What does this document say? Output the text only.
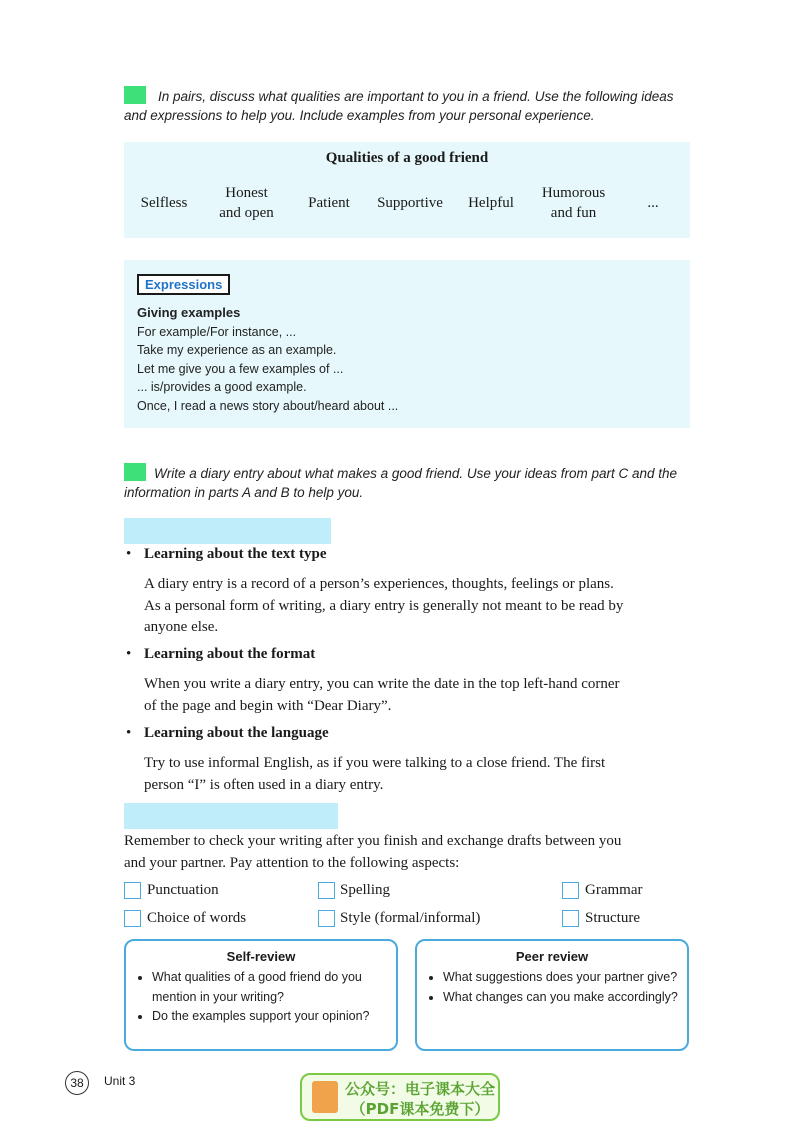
In pairs, discuss what qualities are important to you in a friend. Use the following ideas and expressions to help you. Include examples from your personal experience.
Qualities of a good friend
Selfless
Honest
and open
Patient	Supportive	Helpful
Humorous
and fun
...
Expressions
Giving examples
For example/For instance, ...
Take my experience as an example.
Let me give you a few examples of ...
... is/provides a good example.
Once, I read a news story about/heard about ...
Write a diary entry about what makes a good friend. Use your ideas from part C and the information in parts A and B to help you.
• Learning about the text type
A diary entry is a record of a person’s experiences, thoughts, feelings or plans.
As a personal form of writing, a diary entry is generally not meant to be read by
anyone else.
• Learning about the format
When you write a diary entry, you can write the date in the top left-hand corner
of the page and begin with “Dear Diary”.
• Learning about the language
Try to use informal English, as if you were talking to a close friend. The first
person “I” is often used in a diary entry.
Remember to check your writing after you finish and exchange drafts between you
and your partner. Pay attention to the following aspects:
Punctuation	Spelling	Grammar
Choice of words	Style (formal/informal)	Structure
Self-review
• What qualities of a good friend do you mention in your writing?
• Do the examples support your opinion?
Peer review
• What suggestions does your partner give?
• What changes can you make accordingly?
38	Unit 3	公众号：电子课本大全
（PDF课本免费下）
